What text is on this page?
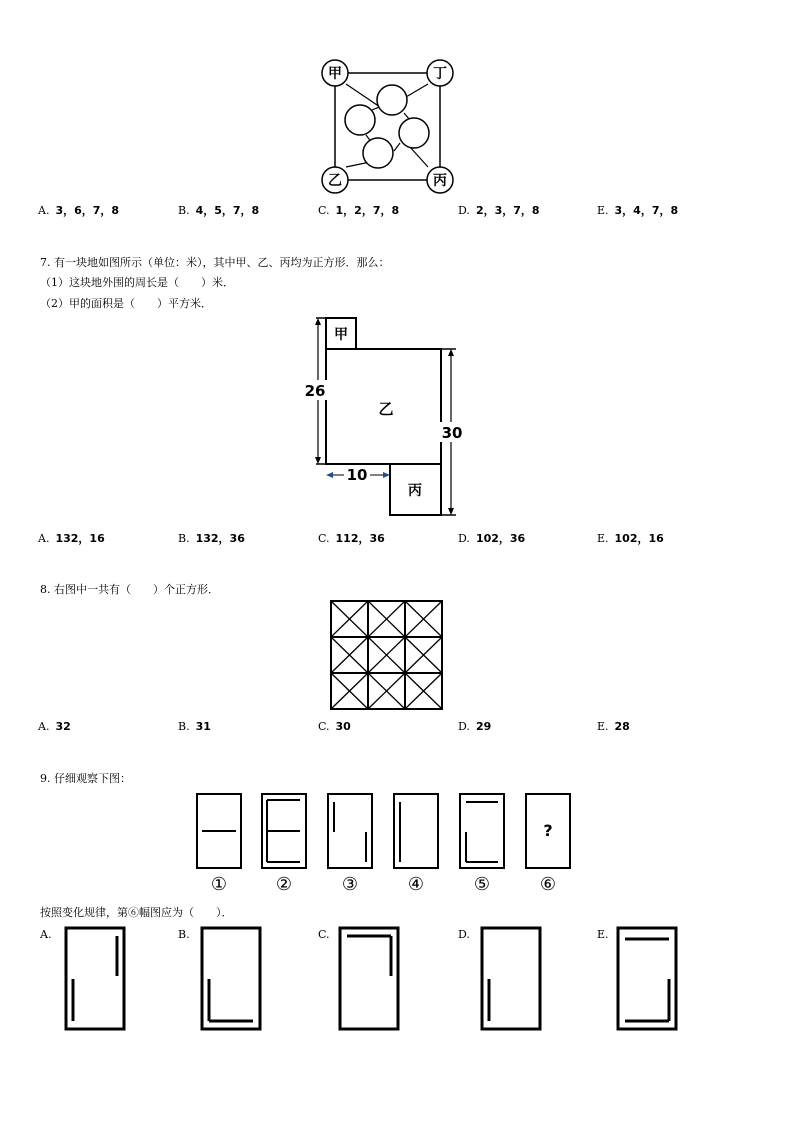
甲	丁
乙	丙
A. 3，6，7，8	B. 4，5，7，8	C. 1，2，7，8	D. 2，3，7，8	E. 3，4，7，8
7. 有一块地如图所示（单位：米），其中甲、乙、丙均为正方形．那么：
（1）这块地外围的周长是（　　）米．
（2）甲的面积是（　　）平方米．
甲
乙
丙
26
30
10
A. 132，16	B. 132，36	C. 112，36	D. 102，36	E. 102，16
8. 右图中一共有（　　）个正方形．
A. 32	B. 31	C. 30	D. 29	E. 28
9. 仔细观察下图：
?
①	②	③	④	⑤	⑥
按照变化规律，第⑥幅图应为（　　）．
A.	B.	C.	D.	E.
